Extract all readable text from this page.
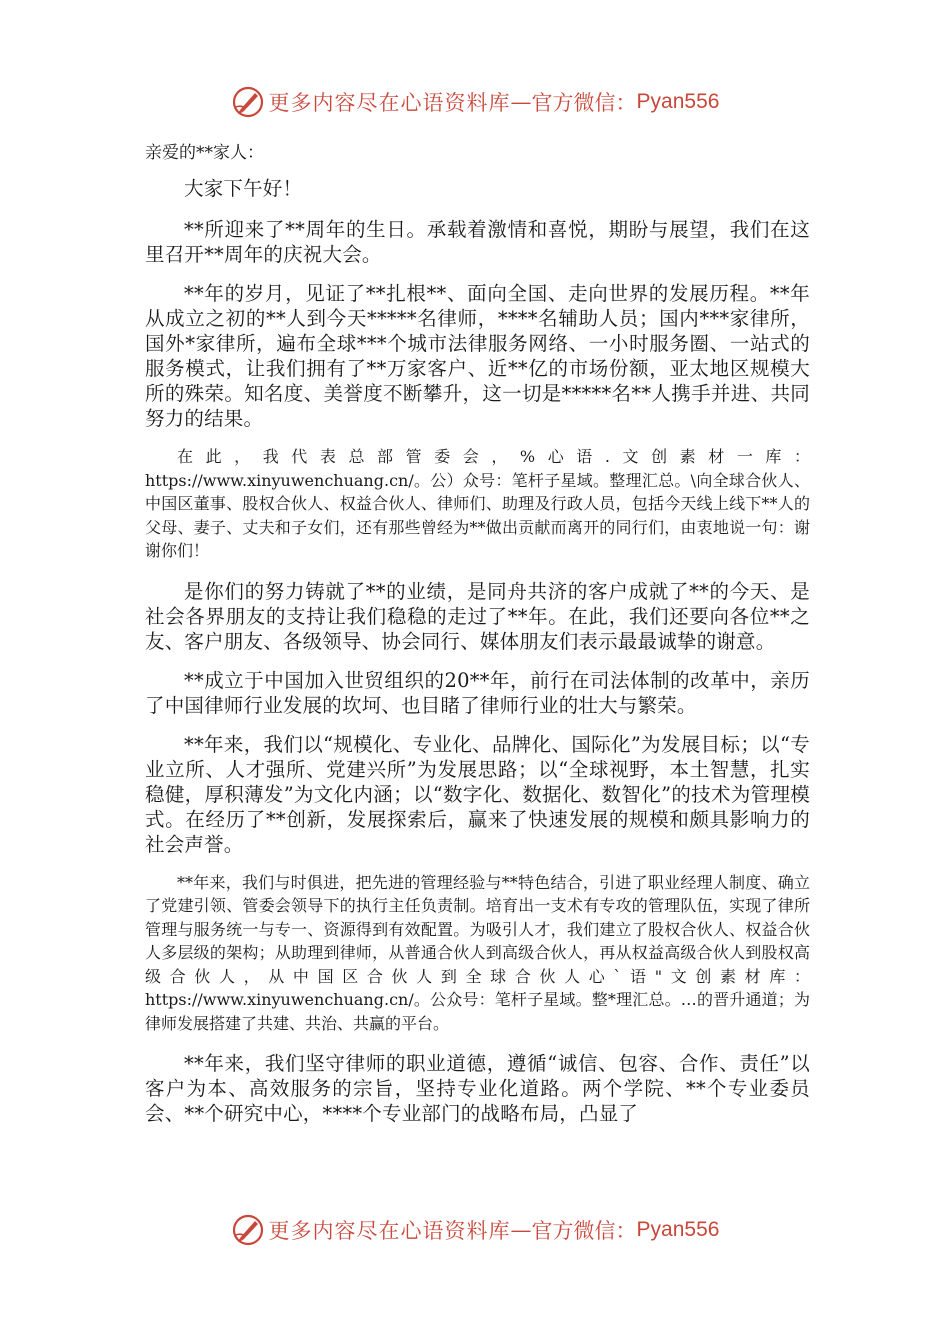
更多内容尽在心语资料库 — 官方微信： Pyan556
亲爱的**家人：

大家下午好！

**所迎来了**周年的生日。承载着激情和喜悦，期盼与展望，我们在这里召开**周年的庆祝大会。

**年的岁月，见证了**扎根**、面向全国、走向世界的发展历程。**年从成立之初的**人到今天*****名律师，****名辅助人员；国内***家律所，国外*家律所，遍布全球***个城市法律服务网络、一小时服务圈、一站式的服务模式，让我们拥有了**万家客户、近**亿的市场份额，亚太地区规模大所的殊荣。知名度、美誉度不断攀升，这一切是*****名**人携手并进、共同努力的结果。

在此，我代表总部管委会，%心语.文创素材一库：https://www.xinyuwenchuang.cn/。公）众号：笔杆子星域。整理汇总。\向全球合伙人、中国区董事、股权合伙人、权益合伙人、律师们、助理及行政人员，包括今天线上线下**人的父母、妻子、丈夫和子女们，还有那些曾经为**做出贡献而离开的同行们，由衷地说一句：谢谢你们！

是你们的努力铸就了**的业绩，是同舟共济的客户成就了**的今天、是社会各界朋友的支持让我们稳稳的走过了**年。在此，我们还要向各位**之友、客户朋友、各级领导、协会同行、媒体朋友们表示最最诚挚的谢意。

**成立于中国加入世贸组织的20**年，前行在司法体制的改革中，亲历了中国律师行业发展的坎坷、也目睹了律师行业的壮大与繁荣。

**年来，我们以“规模化、专业化、品牌化、国际化”为发展目标；以“专业立所、人才强所、党建兴所”为发展思路；以“全球视野，本土智慧，扎实稳健，厚积薄发”为文化内涵；以“数字化、数据化、数智化”的技术为管理模式。在经历了**创新，发展探索后，赢来了快速发展的规模和颇具影响力的社会声誉。

**年来，我们与时俱进，把先进的管理经验与**特色结合，引进了职业经理人制度、确立了党建引领、管委会领导下的执行主任负责制。培育出一支术有专攻的管理队伍，实现了律所管理与服务统一与专一、资源得到有效配置。为吸引人才，我们建立了股权合伙人、权益合伙人多层级的架构；从助理到律师，从普通合伙人到高级合伙人，再从权益高级合伙人到股权高级合伙人，从中国区合伙人到全球合伙人心`语"文创素材库：https://www.xinyuwenchuang.cn/。公众号：笔杆子星域。整*理汇总。…的晋升通道；为律师发展搭建了共建、共治、共赢的平台。

**年来，我们坚守律师的职业道德，遵循“诚信、包容、合作、责任”以客户为本、高效服务的宗旨，坚持专业化道路。两个学院、**个专业委员会、**个研究中心，****个专业部门的战略布局，凸显了

更多内容尽在心语资料库 — 官方微信： Pyan556
